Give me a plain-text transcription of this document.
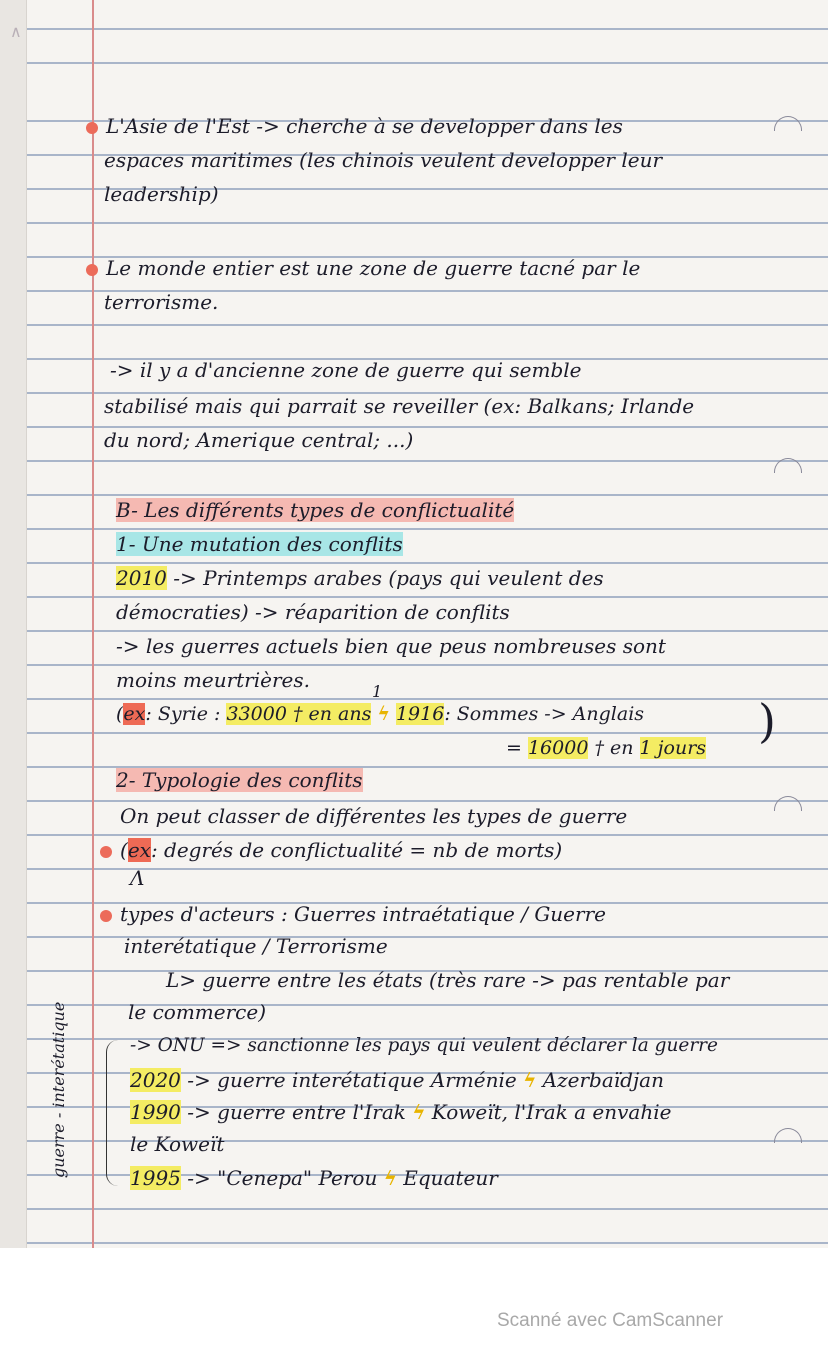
∧
L'Asie de l'Est -> cherche à se developper dans les
espaces maritimes (les chinois veulent developper leur
leadership)
Le monde entier est une zone de guerre tacné par le
terrorisme.
-> il y a d'ancienne zone de guerre qui semble
stabilisé mais qui parrait se reveiller (ex: Balkans; Irlande
du nord; Amerique central; ...)
B- Les différents types de conflictualité
1- Une mutation des conflits
2010 -> Printemps arabes (pays qui veulent des
démocraties) -> réaparition de conflits
-> les guerres actuels bien que peus nombreuses sont
moins meurtrières.	1
(ex: Syrie : 33000 † en ans ϟ 1916: Sommes -> Anglais
= 16000 † en 1 jours )
2- Typologie des conflits
On peut classer de différentes les types de guerre
(ex: degrés de conflictualité = nb de morts)
Λ
types d'acteurs : Guerres intraétatique / Guerre
interétatique / Terrorisme
L> guerre entre les états (très rare -> pas rentable par
le commerce)
-> ONU => sanctionne les pays qui veulent déclarer la guerre
2020 -> guerre interétatique Arménie ϟ Azerbaïdjan
1990 -> guerre entre l'Irak ϟ Koweït, l'Irak a envahie
le Koweït
1995 -> "Cenepa" Perou ϟ Equateur
guerre - interétatique
Scanné avec CamScanner
